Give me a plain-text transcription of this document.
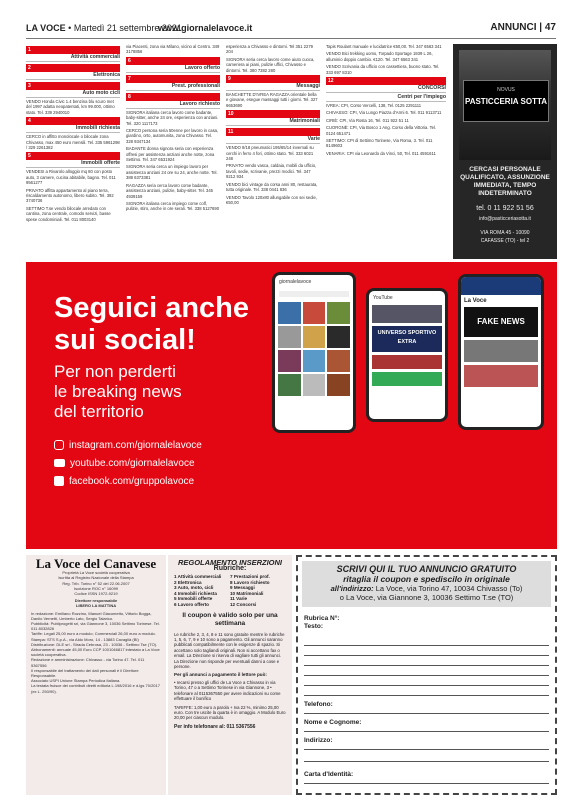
LA VOCE • Martedì 21 settembre 2021
www.giornalelavoce.it	ANNUNCI | 47
1
Attività commerciali
2
Elettronica
3
Auto moto cicli

VENDO Honda Civic 1.4 benzina blu scuro met del 1997 adatta neopatentati, km 99.000, ottimo stato. Tel. 339 2940010

4
Immobili richiesta

CERCO in affitto monolocale o bilocale zona Chivasso, max 450 euro mensili. Tel. 335 5961298 / 329 2261382

5
Immobili offerte

VENDESI a Rivarolo alloggio mq 80 con posto auto, 3 camere, cucina abitabile, bagno. Tel. 011 9561277

PRIVATO affitta appartamento al piano terra, riscaldamento autonomo, libero subito. Tel. 392 3740736

SETTIMO T.se vendo bilocale arredato con cantina, zona centrale, comodo servizi, basse spese condominiali. Tel. 011 8003140

via Piacenti, zona via Milano, vicino al Centro. 349 3178856

6
Lavoro offerto
7
Prest. professionali
8
Lavoro richiesto

SIGNORA italiana cerca lavoro come badante, baby-sitter, anche 24 ore, esperienza con anziani. Tel. 320 1117173

CERCO persona seria 50enne per lavoro in casa, giardino, orto, automunita, zona Chivasso. Tel. 328 9347134

BADANTE donna signora seria con esperienza offresi per assistenza anziani anche notte, zona Settimo. Tel. 347 6531924

SIGNORA seria cerca un impiego lavoro per assistenza anziani 24 ore su 24, anche notte. Tel. 388 6373381

RAGAZZA seria cerca lavoro come badante, assistenza anziani, pulizie, baby-sitter. Tel. 345 4939159

SIGNORA italiana cerca impiego come colf, pulizie, stiro, anche in ore serali. Tel. 338 5127690

esperienza a Chivasso e dintorni. Tel 351 2279 204

SIGNORA seria cerca lavoro come aiuto cuoca, cameriera ai piani, pulizie uffici, Chivasso e dintorni. Tel. 380 7382 280

9
Messaggi

BANCHETTE D'IVREA RAGAZZA orientale bella e giovane, esegue massaggi tutti i giorni. Tel. 327 6653690

10
Matrimoniali
11
Varie

VENDO 9/18 pneumatici 195/65/14 invernali su cerchi in ferro 4 fori, ottimo stato. Tel. 333 6021 248

PRIVATO vendo vasca, caldaia, mobili da ufficio, tavoli, sedie, scrivanie, prezzi modici. Tel. 347 9212 934

VENDO bici vintage da corsa anni 80, restaurata, tutta originale. Tel. 338 0441 836

VENDO Tavolo 120x80 allungabile con sei sedie, €50,00

Tapis Roulant manuale e lucidatrice €50,00. Tel. 347 6563 341

VENDO Bici trekking uomo, Torpado Sportage 1939 L 26, alluminio doppio cambio. €120. Tel. 347 6563 341

VENDO Scrivania da ufficio con cassettiera, buono stato. Tel. 333 697 8310

12
CONCORSI
Centri per l'impiego

IVREA: CPI, Corso Vercelli, 138, Tel. 0125 2291111

CHIVASSO: CPI, Via Lungo Piazza d'Armi 6. Tel. 011 9113711

CIRIÈ: CPI, Via Rosta 16, Tel. 011 922 51 11

CUORGNÈ: CPI, Via Bosco 1 Ang. Corso della Vittoria. Tel. 0124 651471

SETTIMO: CPI di Settimo Torinese, Via Roma, 3. Tel. 011 8149603

VENARIA: CPI via Leonardo da Vinci, 50, Tel. 011 4591611

NOVUS
PASTICCERIA SOTTA
CERCASI PERSONALE QUALIFICATO, ASSUNZIONE IMMEDIATA, TEMPO INDETERMINATO
tel. 0 11 922 51 56
info@pasticceriasotta.it
VIA ROMA 45 - 10090
CAFASSE (TO) - tel 2
Seguici anche
sui social!
Per non perderti
le breaking news
del territorio
instagram.com/giornalelavoce
youtube.com/giornalelavoce
facebook.com/gruppolavoce
giornalelavoce
YouTube
UNIVERSO SPORTIVO EXTRA
La Voce
FAKE NEWS
La Voce del Canavese
Proprietà La Voce società cooperativa
Iscritta al Registro Nazionale della Stampa
Reg. Trib. Torino n° 52 del 22.06.2007
Iscrizione ROC n° 16099
Codice ISSN 1972-9219
Direttore responsabile
LIBERO LA MATTINA
In redazione: Emiliano Rozzino, Manuel Giacometto, Vittorio Bogga, Danilo Vernetti, Umberto Lato, Sergio Talarico.
Pubblicità: Publiprogetti srl, via Giannone 3, 10036 Settimo Torinese. Tel. 011 8032826
Tariffe: Legali 25,00 euro a modulo; Commerciali 26,00 euro a modulo.
Stampa: STS S.p.A., via Aldo Moro, 14 - 13883 Cavaglià (BI)
Distribuzione: DLE srl - Strada Cebrosa, 23 - 10036 - Settimo Tse (TO).
Abbonamenti: annuale 45,00 Euro CCP 1001046817 intestato a La Voce società cooperativa.
Redazione e amministrazione: Chivasso - via Torino 47. Tel. 011 5367556
Il responsabile del trattamento dei dati personali è il Direttore Responsabile.
Associato USPI Unione Stampa Periodica Italiana.
La testata fruisce dei contributi diretti editoria L.198/2016 e d.lgs 70/2017 (ex L. 250/90).
REGOLAMENTO INSERZIONI
Rubriche:
1 Attività commerciali	7 Prestazioni prof.
2 Elettronica	8 Lavoro richiesto
3 Auto, moto, cicli	9 Messaggi
4 Immobili richiesta	10 Matrimoniali
5 Immobili offerte	11 Varie
6 Lavoro offerto	12 Concorsi
Il coupon è valido solo per una settimana
Le rubriche 2, 3, 4, 8 e 11 sono gratuite mentre le rubriche 1, 5, 6, 7, 9 e 10 sono a pagamento. Gli annunci saranno pubblicati compatibilmente con le esigenze di spazio. Si accettano solo tagliandi originali. Non si accettano fax o email. La Direzione si riserva di vagliare tutti gli annunci. La Direzione non risponde per eventuali danni a cose e persone.
Per gli annunci a pagamento il lettore può:
• recarsi presso gli uffici de La Voce a Chivasso in via Torino, 47 o a Settimo Torinese in via Giannone, 3 • telefonare al 0115367550 per avere indicazioni su come effettuare il bonifico
TARIFFE: 1,00 euro a parola + Iva 22 %, minimo 25,00 euro. Con tre uscite la quarta è in omaggio. A Modulo Euro 20,00 per ciascun modulo.
Per info telefonare al: 011 5367556
SCRIVI QUI IL TUO ANNUNCIO GRATUITO
ritaglia il coupon e spediscilo in originale
all'indirizzo: La Voce, via Torino 47, 10034 Chivasso (To)
o La Voce, via Giannone 3, 10036 Settimo T.se (TO)
Rubrica N°:
Testo:
Telefono:
Nome e Cognome:
Indirizzo:
Carta d'Identità:
